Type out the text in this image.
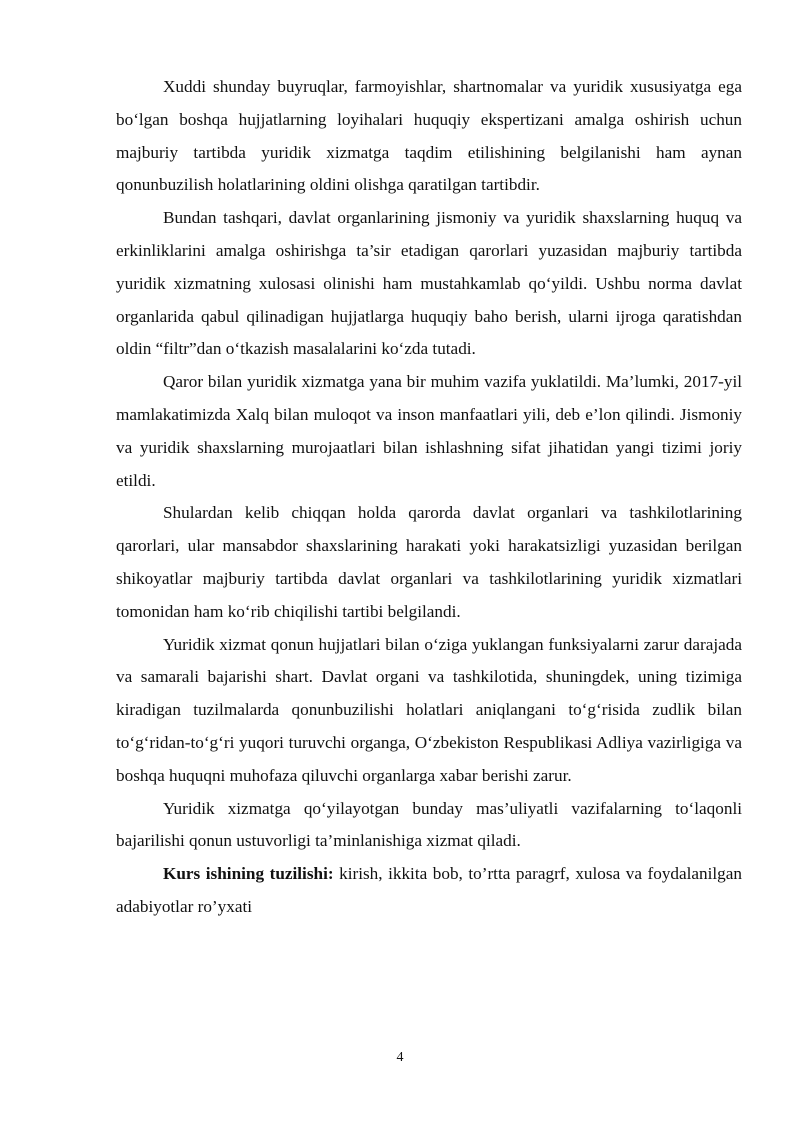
Xuddi shunday buyruqlar, farmoyishlar, shartnomalar va yuridik xususiyatga ega bo‘lgan boshqa hujjatlarning loyihalari huquqiy ekspertizani amalga oshirish uchun majburiy tartibda yuridik xizmatga taqdim etilishining belgilanishi ham aynan qonunbuzilish holatlarining oldini olishga qaratilgan tartibdir.

Bundan tashqari, davlat organlarining jismoniy va yuridik shaxslarning huquq va erkinliklarini amalga oshirishga ta’sir etadigan qarorlari yuzasidan majburiy tartibda yuridik xizmatning xulosasi olinishi ham mustahkamlab qo‘yildi. Ushbu norma davlat organlarida qabul qilinadigan hujjatlarga huquqiy baho berish, ularni ijroga qaratishdan oldin “filtr”dan o‘tkazish masalalarini ko‘zda tutadi.

Qaror bilan yuridik xizmatga yana bir muhim vazifa yuklatildi. Ma’lumki, 2017-yil mamlakatimizda Xalq bilan muloqot va inson manfaatlari yili, deb e’lon qilindi. Jismoniy va yuridik shaxslarning murojaatlari bilan ishlashning sifat jihatidan yangi tizimi joriy etildi.

Shulardan kelib chiqqan holda qarorda davlat organlari va tashkilotlarining qarorlari, ular mansabdor shaxslarining harakati yoki harakatsizligi yuzasidan berilgan shikoyatlar majburiy tartibda davlat organlari va tashkilotlarining yuridik xizmatlari tomonidan ham ko‘rib chiqilishi tartibi belgilandi.

Yuridik xizmat qonun hujjatlari bilan o‘ziga yuklangan funksiyalarni zarur darajada va samarali bajarishi shart. Davlat organi va tashkilotida, shuningdek, uning tizimiga kiradigan tuzilmalarda qonunbuzilishi holatlari aniqlangani to‘g‘risida zudlik bilan to‘g‘ridan-to‘g‘ri yuqori turuvchi organga, O‘zbekiston Respublikasi Adliya vazirligiga va boshqa huquqni muhofaza qiluvchi organlarga xabar berishi zarur.

Yuridik xizmatga qo‘yilayotgan bunday mas’uliyatli vazifalarning to‘laqonli bajarilishi qonun ustuvorligi ta’minlanishiga xizmat qiladi.

Kurs ishining tuzilishi: kirish, ikkita bob, to’rtta paragrf, xulosa va foydalanilgan adabiyotlar ro’yxati

4
